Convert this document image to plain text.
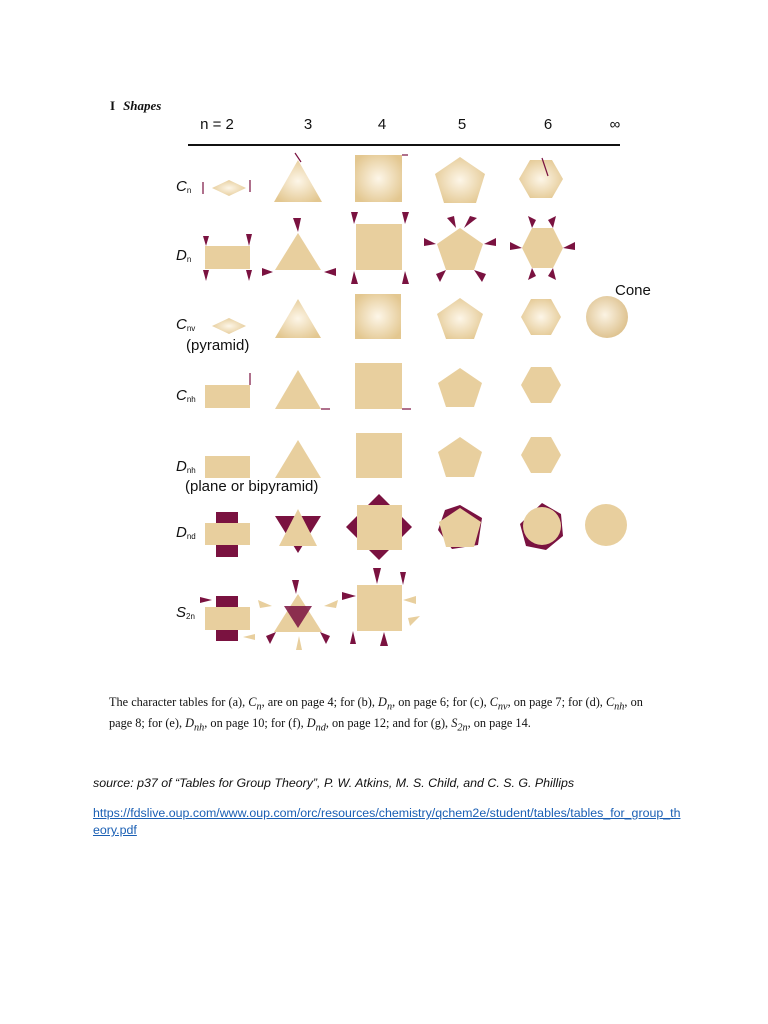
I Shapes
n = 2	3	4	5	6	∞
$C_n$
$D_n$
$C_{nv}$
(pyramid)
$C_{nh}$
$D_{nh}$
(plane or bipyramid)
$D_{nd}$
$S_{2n}$
Cone
The character tables for (a), $C_n$, are on page 4; for (b), $D_n$, on page 6; for (c), $C_{nv}$, on page 7; for (d), $C_{nh}$, on page 8; for (e), $D_{nh}$, on page 10; for (f), $D_{nd}$, on page 12; and for (g), $S_{2n}$, on page 14.
source: p37 of “Tables for Group Theory”, P. W. Atkins, M. S. Child, and C. S. G. Phillips
https://fdslive.oup.com/www.oup.com/orc/resources/chemistry/qchem2e/student/tables/tables_for_group_theory.pdf
